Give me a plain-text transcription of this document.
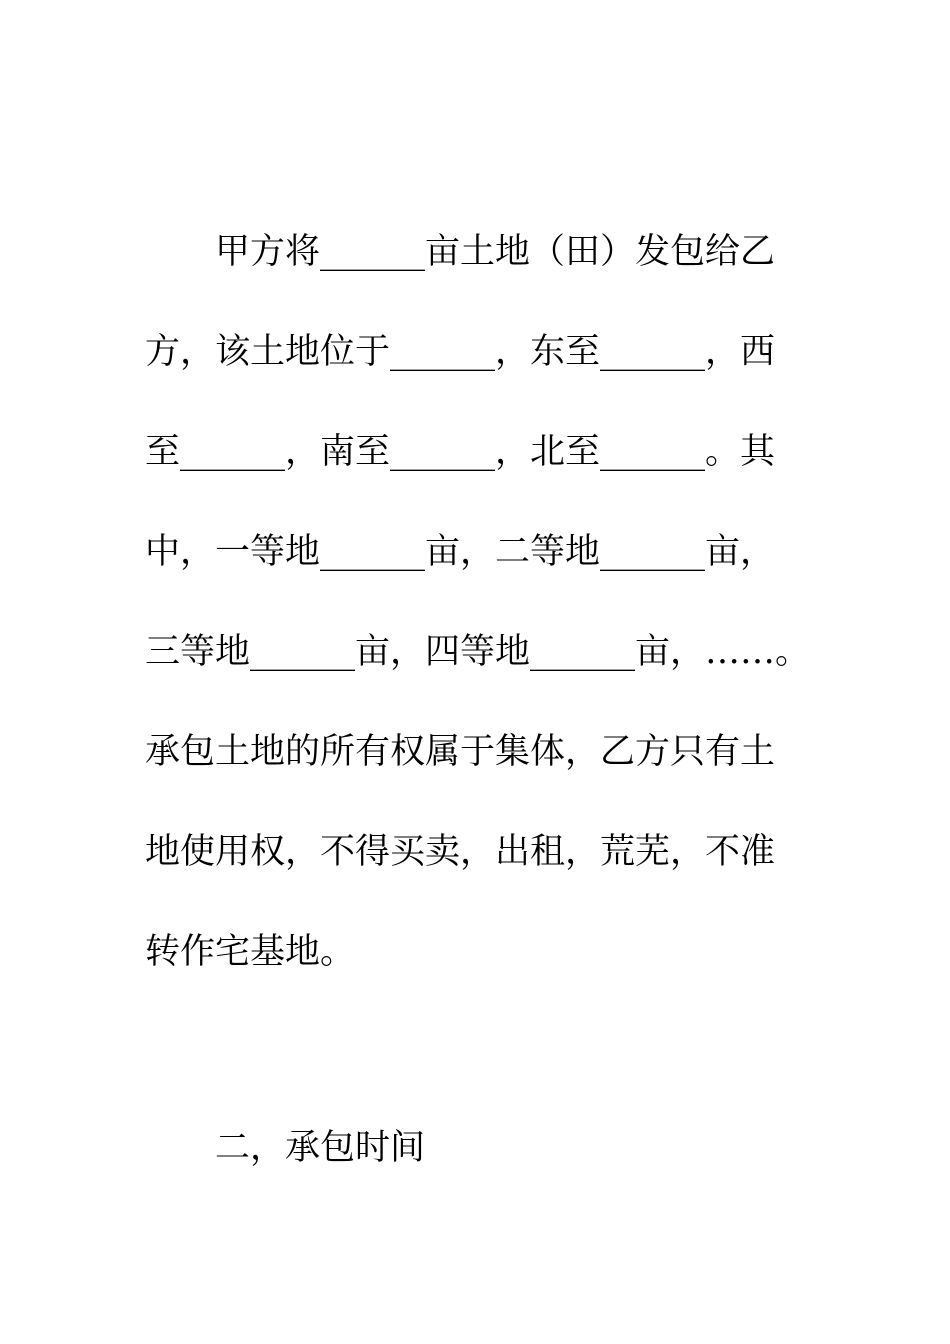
甲方将______亩土地（田）发包给乙
方，该土地位于______，东至______，西
至______，南至______，北至______。其
中，一等地______亩，二等地______亩，
三等地______亩，四等地______亩，……。
承包土地的所有权属于集体，乙方只有土
地使用权，不得买卖，出租，荒芜，不准
转作宅基地。
二，承包时间
